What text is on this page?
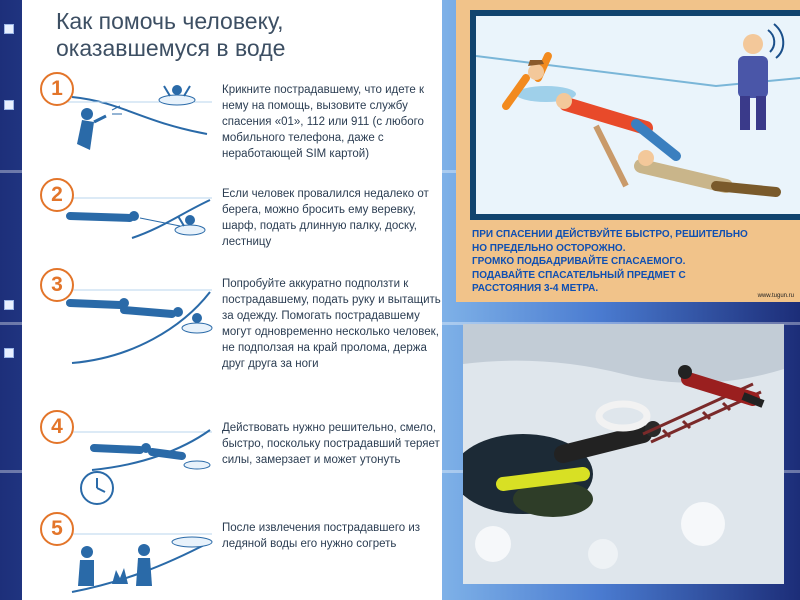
Как помочь человеку,
оказавшемуся в воде
1	Крикните пострадавшему, что идете к нему на помощь, вызовите службу спасения «01», 112 или 911 (с любого мобильного телефона, даже с неработающей SIM картой)
2	Если человек провалился недалеко от берега, можно бросить ему веревку, шарф, подать длинную палку, доску, лестницу
3	Попробуйте аккуратно подползти к пострадавшему, подать руку и вытащить за одежду. Помогать пострадавшему могут одновременно несколько человек, не подползая на край пролома, держа друг друга за ноги
4	Действовать нужно решительно, смело, быстро, поскольку пострадавший теряет силы, замерзает и может утонуть
5	После извлечения пострадавшего из ледяной воды его нужно согреть
ПРИ СПАСЕНИИ ДЕЙСТВУЙТЕ БЫСТРО, РЕШИТЕЛЬНО
НО ПРЕДЕЛЬНО ОСТОРОЖНО.
ГРОМКО ПОДБАДРИВАЙТЕ СПАСАЕМОГО.
ПОДАВАЙТЕ СПАСАТЕЛЬНЫЙ ПРЕДМЕТ С
РАССТОЯНИЯ 3-4 МЕТРА.
www.tugun.ru
